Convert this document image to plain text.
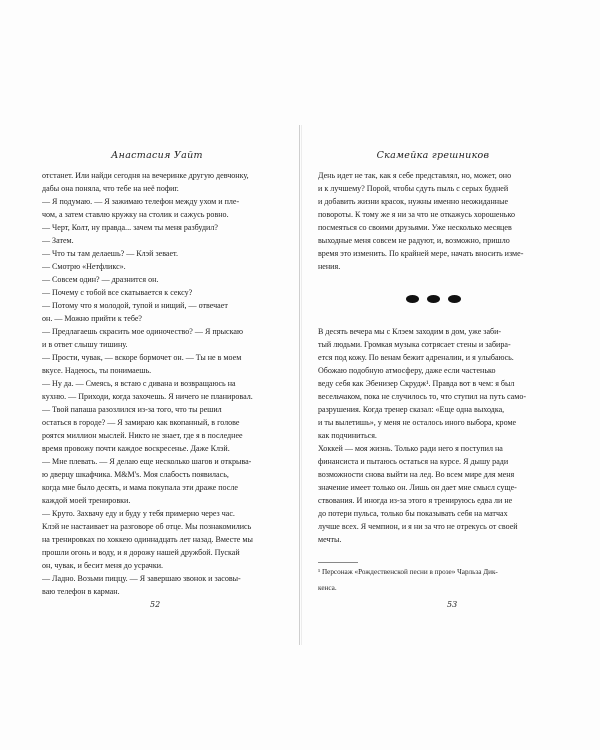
Анастасия Уайт
отстанет. Или найди сегодня на вечеринке другую девчонку,
дабы она поняла, что тебе на неё пофиг.
— Я подумаю. — Я зажимаю телефон между ухом и пле-
чом, а затем ставлю кружку на столик и сажусь ровно.
— Черт, Колт, ну правда... зачем ты меня разбудил?
— Затем.
— Что ты там делаешь? — Клэй зевает.
— Смотрю «Нетфликс».
— Совсем один? — дразнится он.
— Почему с тобой все скатывается к сексу?
— Потому что я молодой, тупой и нищий, — отвечает
он. — Можно прийти к тебе?
— Предлагаешь скрасить мое одиночество? — Я прыскаю
и в ответ слышу тишину.
— Прости, чувак, — вскоре бормочет он. — Ты не в моем
вкусе. Надеюсь, ты понимаешь.
— Ну да. — Смеясь, я встаю с дивана и возвращаюсь на
кухню. — Приходи, когда захочешь. Я ничего не планировал.
— Твой папаша разозлился из-за того, что ты решил
остаться в городе? — Я замираю как вкопанный, в голове
роятся миллион мыслей. Никто не знает, где я в последнее
время провожу почти каждое воскресенье. Даже Клэй.
— Мне плевать. — Я делаю еще несколько шагов и открыва-
ю дверцу шкафчика. M&M's. Моя слабость появилась,
когда мне было десять, и мама покупала эти драже после
каждой моей тренировки.
— Круто. Захвачу еду и буду у тебя примерно через час.
Клэй не настаивает на разговоре об отце. Мы познакомились
на тренировках по хоккею одиннадцать лет назад. Вместе мы
прошли огонь и воду, и я дорожу нашей дружбой. Пускай
он, чувак, и бесит меня до усрачки.
— Ладно. Возьми пиццу. — Я завершаю звонок и засовы-
ваю телефон в карман.
52
Скамейка грешников
День идет не так, как я себе представлял, но, может, оно
и к лучшему? Порой, чтобы сдуть пыль с серых будней
и добавить жизни красок, нужны именно неожиданные
повороты. К тому же я ни за что не откажусь хорошенько
посмеяться со своими друзьями. Уже несколько месяцев
выходные меня совсем не радуют, и, возможно, пришло
время это изменить. По крайней мере, начать вносить изме-
нения.
В десять вечера мы с Клэем заходим в дом, уже заби-
тый людьми. Громкая музыка сотрясает стены и забира-
ется под кожу. По венам бежит адреналин, и я улыбаюсь.
Обожаю подобную атмосферу, даже если частенько
веду себя как Эбенизер Скрудж¹. Правда вот в чем: я был
весельчаком, пока не случилось то, что ступил на путь само-
разрушения. Когда тренер сказал: «Еще одна выходка,
и ты вылетишь», у меня не осталось иного выбора, кроме
как подчиниться.
Хоккей — моя жизнь. Только ради него я поступил на
финансиста и пытаюсь остаться на курсе. Я дышу ради
возможности снова выйти на лед. Во всем мире для меня
значение имеет только он. Лишь он дает мне смысл суще-
ствования. И иногда из-за этого я тренируюсь едва ли не
до потери пульса, только бы показывать себя на матчах
лучше всех. Я чемпион, и я ни за что не отрекусь от своей
мечты.
¹ Персонаж «Рождественской песни в прозе» Чарльза Дик-
кенса.
53
